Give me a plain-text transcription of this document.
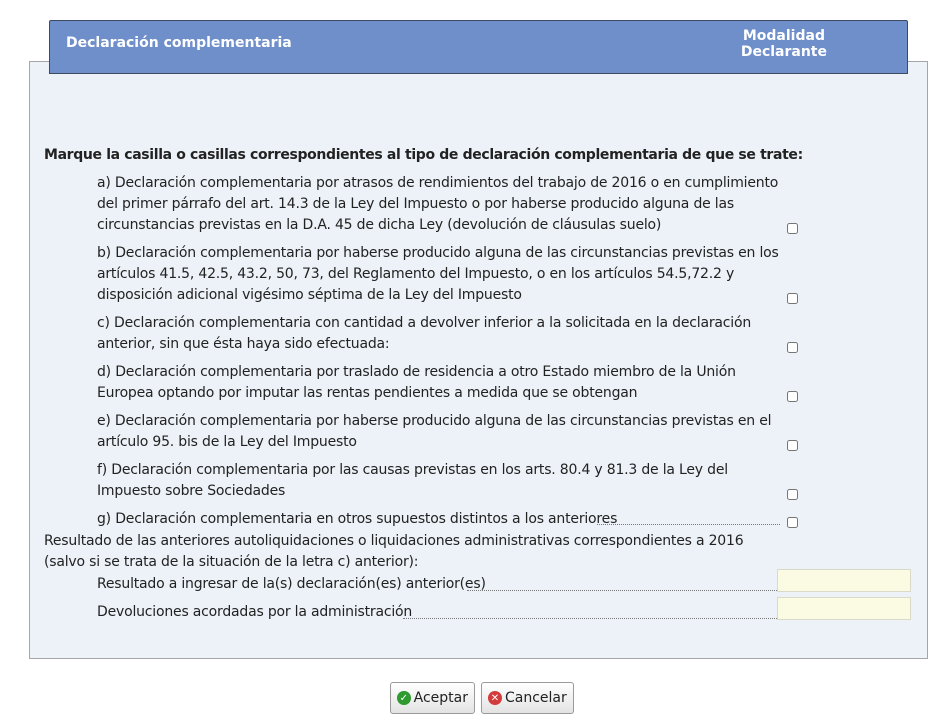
Declaración complementaria	Modalidad
Declarante
Marque la casilla o casillas correspondientes al tipo de declaración complementaria de que se trate:
a) Declaración complementaria por atrasos de rendimientos del trabajo de 2016 o en cumplimiento del primer párrafo del art. 14.3 de la Ley del Impuesto o por haberse producido alguna de las circunstancias previstas en la D.A. 45 de dicha Ley (devolución de cláusulas suelo)
b) Declaración complementaria por haberse producido alguna de las circunstancias previstas en los artículos 41.5, 42.5, 43.2, 50, 73, del Reglamento del Impuesto, o en los artículos 54.5,72.2 y disposición adicional vigésimo séptima de la Ley del Impuesto
c) Declaración complementaria con cantidad a devolver inferior a la solicitada en la declaración anterior, sin que ésta haya sido efectuada:
d) Declaración complementaria por traslado de residencia a otro Estado miembro de la Unión Europea optando por imputar las rentas pendientes a medida que se obtengan
e) Declaración complementaria por haberse producido alguna de las circunstancias previstas en el artículo 95. bis de la Ley del Impuesto
f) Declaración complementaria por las causas previstas en los arts. 80.4 y 81.3 de la Ley del Impuesto sobre Sociedades
g) Declaración complementaria en otros supuestos distintos a los anteriores
Resultado de las anteriores autoliquidaciones o liquidaciones administrativas correspondientes a 2016 (salvo si se trata de la situación de la letra c) anterior):
Resultado a ingresar de la(s) declaración(es) anterior(es)
Devoluciones acordadas por la administración
✓ Aceptar ✕ Cancelar
